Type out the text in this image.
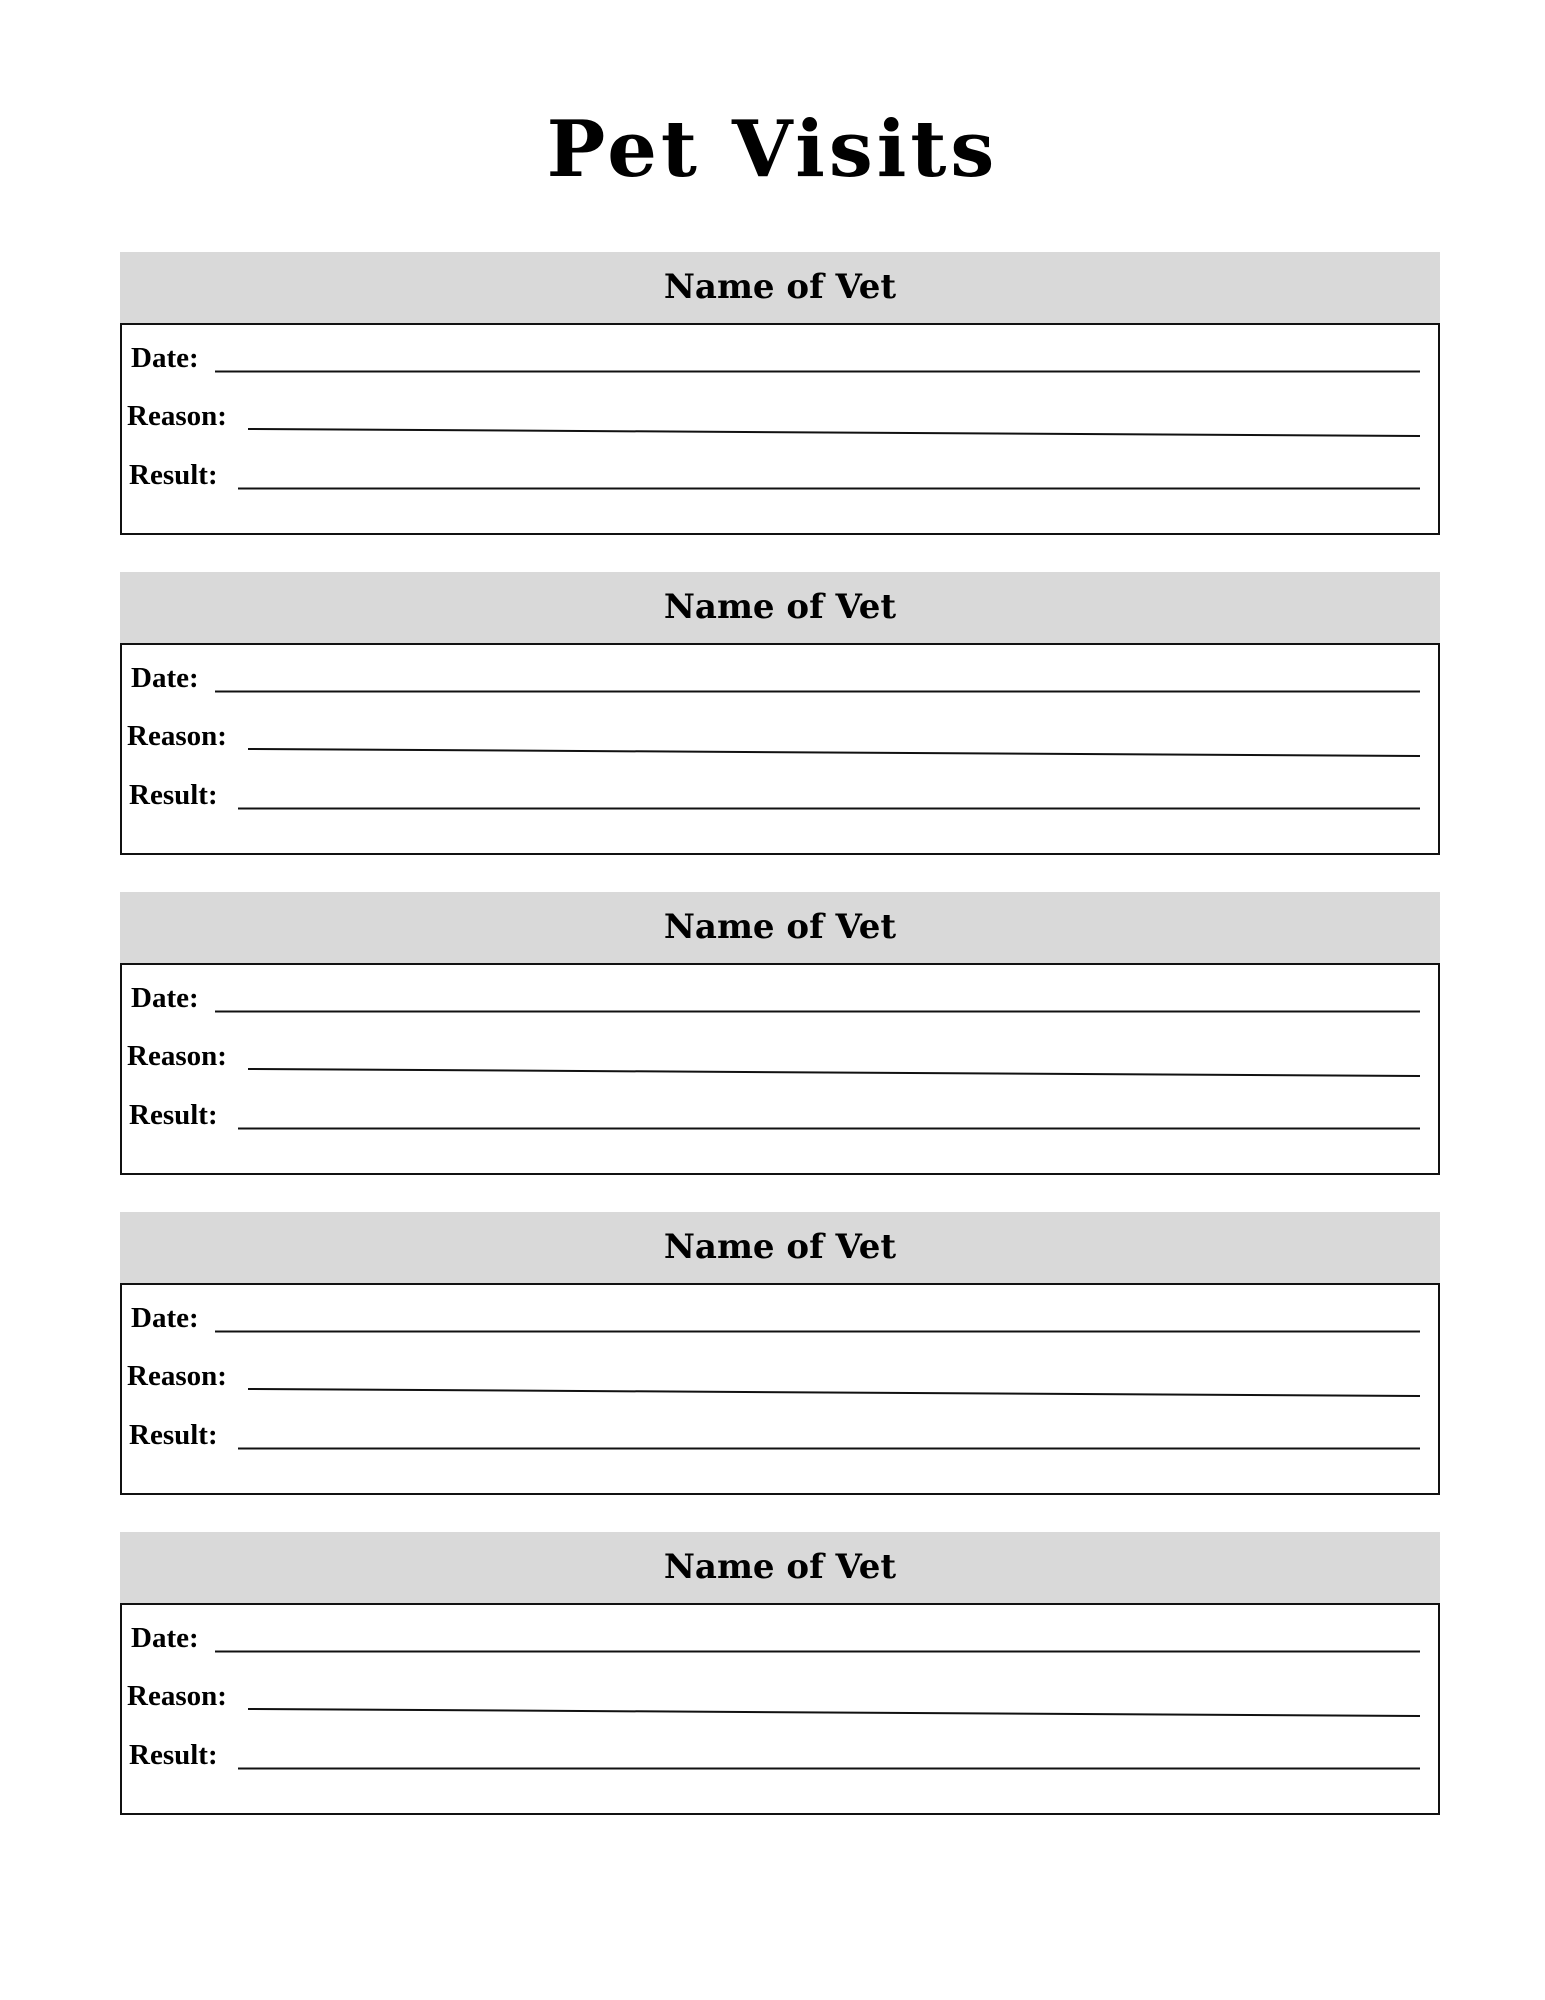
Pet Visits
Name of Vet
Date:
Reason:
Result:
Name of Vet
Date:
Reason:
Result:
Name of Vet
Date:
Reason:
Result:
Name of Vet
Date:
Reason:
Result:
Name of Vet
Date:
Reason:
Result:
